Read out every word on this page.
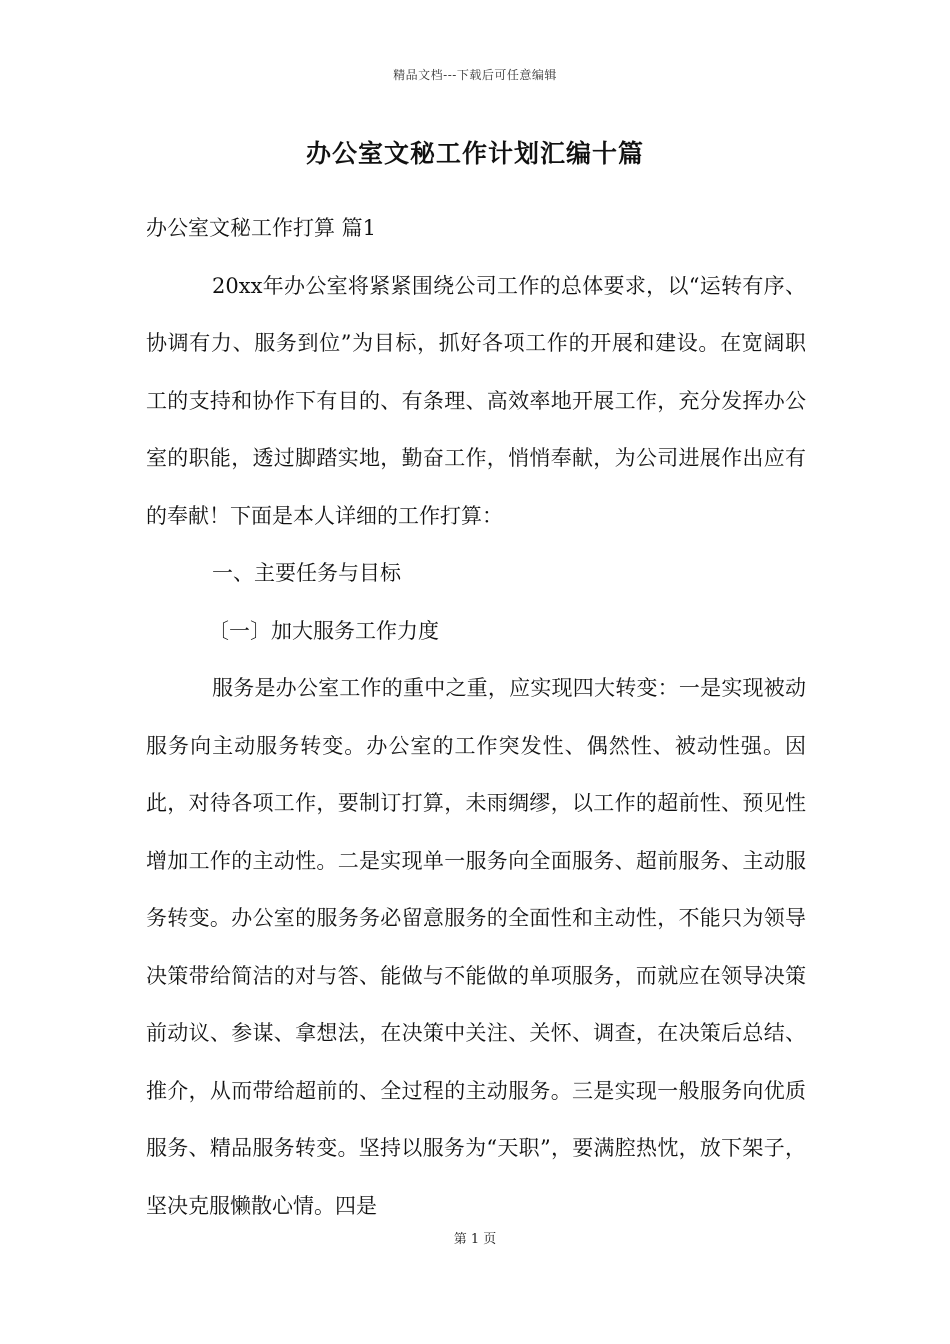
精品文档---下载后可任意编辑
办公室文秘工作计划汇编十篇

办公室文秘工作打算 篇1

20xx年办公室将紧紧围绕公司工作的总体要求，以“运转有序、协调有力、服务到位”为目标，抓好各项工作的开展和建设。在宽阔职工的支持和协作下有目的、有条理、高效率地开展工作，充分发挥办公室的职能，透过脚踏实地，勤奋工作，悄悄奉献，为公司进展作出应有的奉献！下面是本人详细的工作打算：

一、主要任务与目标

〔一〕加大服务工作力度

服务是办公室工作的重中之重，应实现四大转变：一是实现被动服务向主动服务转变。办公室的工作突发性、偶然性、被动性强。因此，对待各项工作，要制订打算，未雨绸缪，以工作的超前性、预见性增加工作的主动性。二是实现单一服务向全面服务、超前服务、主动服务转变。办公室的服务务必留意服务的全面性和主动性，不能只为领导决策带给简洁的对与答、能做与不能做的单项服务，而就应在领导决策前动议、参谋、拿想法，在决策中关注、关怀、调查，在决策后总结、推介，从而带给超前的、全过程的主动服务。三是实现一般服务向优质服务、精品服务转变。坚持以服务为“天职”，要满腔热忱，放下架子，坚决克服懒散心情。四是

第 1 页
